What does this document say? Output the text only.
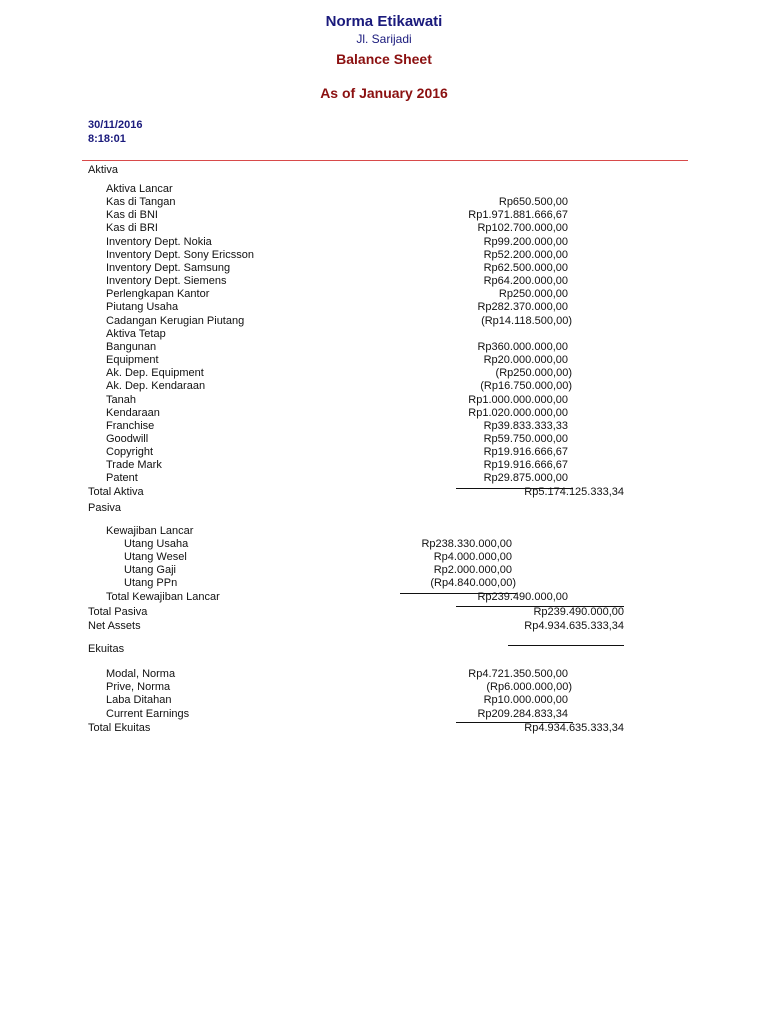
Norma Etikawati
Jl. Sarijadi
Balance Sheet
As of January 2016
30/11/2016
8:18:01
Aktiva
Aktiva Lancar
Kas di Tangan	Rp650.500,00
Kas di BNI	Rp1.971.881.666,67
Kas di BRI	Rp102.700.000,00
Inventory Dept. Nokia	Rp99.200.000,00
Inventory Dept. Sony Ericsson	Rp52.200.000,00
Inventory Dept. Samsung	Rp62.500.000,00
Inventory Dept. Siemens	Rp64.200.000,00
Perlengkapan Kantor	Rp250.000,00
Piutang Usaha	Rp282.370.000,00
Cadangan Kerugian Piutang	(Rp14.118.500,00)
Aktiva Tetap
Bangunan	Rp360.000.000,00
Equipment	Rp20.000.000,00
Ak. Dep. Equipment	(Rp250.000,00)
Ak. Dep. Kendaraan	(Rp16.750.000,00)
Tanah	Rp1.000.000.000,00
Kendaraan	Rp1.020.000.000,00
Franchise	Rp39.833.333,33
Goodwill	Rp59.750.000,00
Copyright	Rp19.916.666,67
Trade Mark	Rp19.916.666,67
Patent	Rp29.875.000,00
Total Aktiva	Rp5.174.125.333,34
Pasiva
Kewajiban Lancar
Utang Usaha	Rp238.330.000,00
Utang Wesel	Rp4.000.000,00
Utang Gaji	Rp2.000.000,00
Utang PPn	(Rp4.840.000,00)
Total Kewajiban Lancar	Rp239.490.000,00
Total Pasiva	Rp239.490.000,00
Net Assets	Rp4.934.635.333,34
Ekuitas
Modal, Norma	Rp4.721.350.500,00
Prive, Norma	(Rp6.000.000,00)
Laba Ditahan	Rp10.000.000,00
Current Earnings	Rp209.284.833,34
Total Ekuitas	Rp4.934.635.333,34
